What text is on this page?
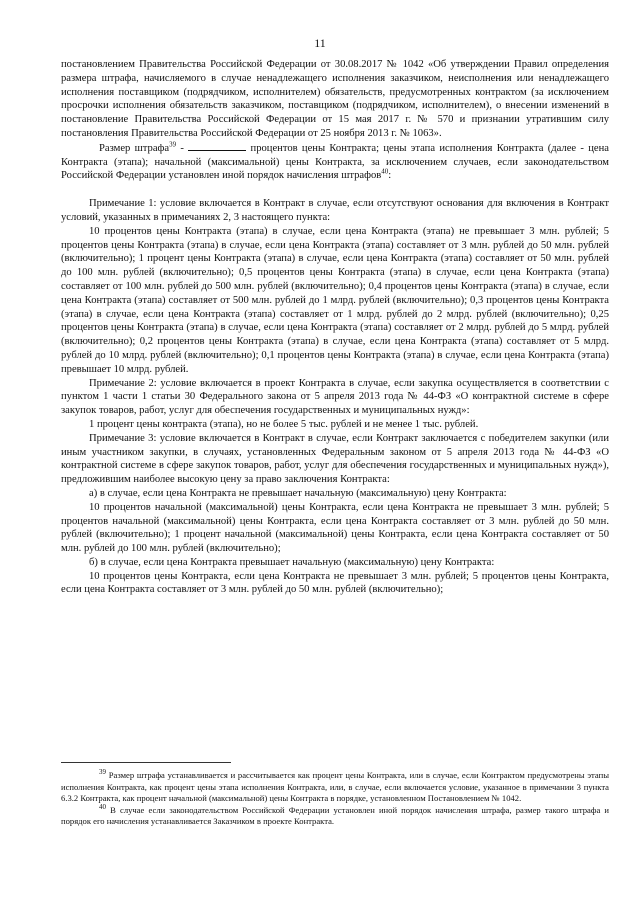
11

постановлением Правительства Российской Федерации от 30.08.2017 № 1042 «Об утверждении Правил определения размера штрафа, начисляемого в случае ненадлежащего исполнения заказчиком, неисполнения или ненадлежащего исполнения поставщиком (подрядчиком, исполнителем) обязательств, предусмотренных контрактом (за исключением просрочки исполнения обязательств заказчиком, поставщиком (подрядчиком, исполнителем), о внесении изменений в постановление Правительства Российской Федерации от 15 мая 2017 г. № 570 и признании утратившим силу постановления Правительства Российской Федерации от 25 ноября 2013 г. № 1063».

Размер штрафа$^{39}$ -	процентов цены Контракта; цены этапа исполнения Контракта (далее - цена Контракта (этапа); начальной (максимальной) цены Контракта, за исключением случаев, если законодательством Российской Федерации установлен иной порядок начисления штрафов$^{40}$:

Примечание 1: условие включается в Контракт в случае, если отсутствуют основания для включения в Контракт условий, указанных в примечаниях 2, 3 настоящего пункта:

10 процентов цены Контракта (этапа) в случае, если цена Контракта (этапа) не превышает 3 млн. рублей; 5 процентов цены Контракта (этапа) в случае, если цена Контракта (этапа) составляет от 3 млн. рублей до 50 млн. рублей (включительно); 1 процент цены Контракта (этапа) в случае, если цена Контракта (этапа) составляет от 50 млн. рублей до 100 млн. рублей (включительно); 0,5 процентов цены Контракта (этапа) в случае, если цена Контракта (этапа) составляет от 100 млн. рублей до 500 млн. рублей (включительно); 0,4 процентов цены Контракта (этапа) в случае, если цена Контракта (этапа) составляет от 500 млн. рублей до 1 млрд. рублей (включительно); 0,3 процентов цены Контракта (этапа) в случае, если цена Контракта (этапа) составляет от 1 млрд. рублей до 2 млрд. рублей (включительно); 0,25 процентов цены Контракта (этапа) в случае, если цена Контракта (этапа) составляет от 2 млрд. рублей до 5 млрд. рублей (включительно); 0,2 процентов цены Контракта (этапа) в случае, если цена Контракта (этапа) составляет от 5 млрд. рублей до 10 млрд. рублей (включительно); 0,1 процентов цены Контракта (этапа) в случае, если цена Контракта (этапа) превышает 10 млрд. рублей.

Примечание 2: условие включается в проект Контракта в случае, если закупка осуществляется в соответствии с пунктом 1 части 1 статьи 30 Федерального закона от 5 апреля 2013 года № 44-ФЗ «О контрактной системе в сфере закупок товаров, работ, услуг для обеспечения государственных и муниципальных нужд»:

1 процент цены контракта (этапа), но не более 5 тыс. рублей и не менее 1 тыс. рублей.

Примечание 3: условие включается в Контракт в случае, если Контракт заключается с победителем закупки (или иным участником закупки, в случаях, установленных Федеральным законом от 5 апреля 2013 года № 44-ФЗ «О контрактной системе в сфере закупок товаров, работ, услуг для обеспечения государственных и муниципальных нужд»), предложившим наиболее высокую цену за право заключения Контракта:

а) в случае, если цена Контракта не превышает начальную (максимальную) цену Контракта:

10 процентов начальной (максимальной) цены Контракта, если цена Контракта не превышает 3 млн. рублей; 5 процентов начальной (максимальной) цены Контракта, если цена Контракта составляет от 3 млн. рублей до 50 млн. рублей (включительно); 1 процент начальной (максимальной) цены Контракта, если цена Контракта составляет от 50 млн. рублей до 100 млн. рублей (включительно);

б) в случае, если цена Контракта превышает начальную (максимальную) цену Контракта:

10 процентов цены Контракта, если цена Контракта не превышает 3 млн. рублей; 5 процентов цены Контракта, если цена Контракта составляет от 3 млн. рублей до 50 млн. рублей (включительно);

$^{39}$ Размер штрафа устанавливается и рассчитывается как процент цены Контракта, или в случае, если Контрактом предусмотрены этапы исполнения Контракта, как процент цены этапа исполнения Контракта, или, в случае, если включается условие, указанное в примечании 3 пункта 6.3.2 Контракта, как процент начальной (максимальной) цены Контракта в порядке, установленном Постановлением № 1042.

$^{40}$ В случае если законодательством Российской Федерации установлен иной порядок начисления штрафа, размер такого штрафа и порядок его начисления устанавливается Заказчиком в проекте Контракта.
